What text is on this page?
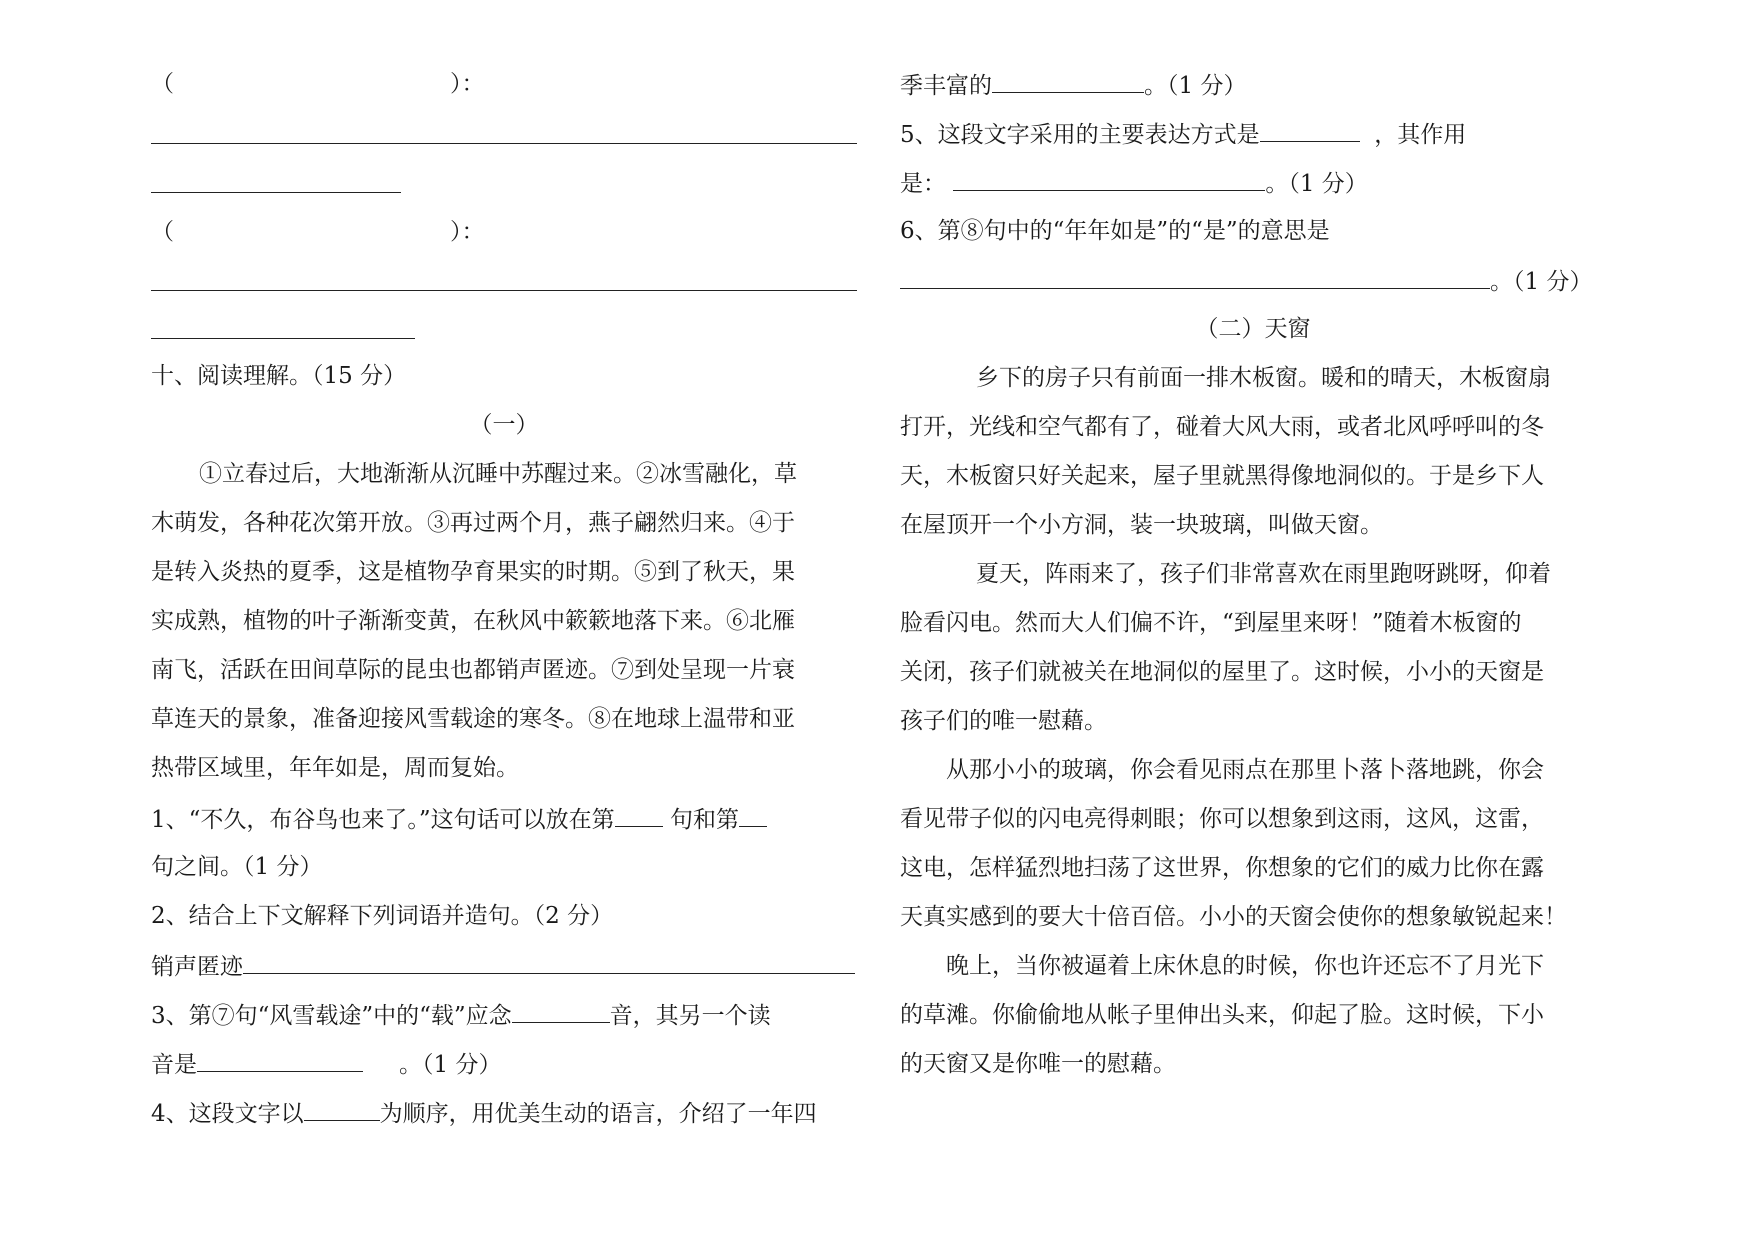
（　　　　　　　　　　　　）：
（　　　　　　　　　　　　）：
十、阅读理解。（15 分）
（一）
①立春过后，大地渐渐从沉睡中苏醒过来。②冰雪融化，草
木萌发，各种花次第开放。③再过两个月，燕子翩然归来。④于
是转入炎热的夏季，这是植物孕育果实的时期。⑤到了秋天，果
实成熟，植物的叶子渐渐变黄，在秋风中簌簌地落下来。⑥北雁
南飞，活跃在田间草际的昆虫也都销声匿迹。⑦到处呈现一片衰
草连天的景象，准备迎接风雪载途的寒冬。⑧在地球上温带和亚
热带区域里，年年如是，周而复始。
1、“不久，布谷鸟也来了。”这句话可以放在第 句和第
句之间。（1 分）
2、结合上下文解释下列词语并造句。（2 分）
销声匿迹
3、第⑦句“风雪载途”中的“载”应念	音，其另一个读
音是	。（1 分）
4、这段文字以	为顺序，用优美生动的语言，介绍了一年四
季丰富的	。（1 分）
5、这段文字采用的主要表达方式是	，其作用
是：	。（1 分）
6、第⑧句中的“年年如是”的“是”的意思是
。（1 分）
（二）天窗
乡下的房子只有前面一排木板窗。暖和的晴天，木板窗扇
打开，光线和空气都有了，碰着大风大雨，或者北风呼呼叫的冬
天，木板窗只好关起来，屋子里就黑得像地洞似的。于是乡下人
在屋顶开一个小方洞，装一块玻璃，叫做天窗。
夏天，阵雨来了，孩子们非常喜欢在雨里跑呀跳呀，仰着
脸看闪电。然而大人们偏不许，“到屋里来呀！”随着木板窗的
关闭，孩子们就被关在地洞似的屋里了。这时候，小小的天窗是
孩子们的唯一慰藉。
从那小小的玻璃，你会看见雨点在那里卜落卜落地跳，你会
看见带子似的闪电亮得刺眼；你可以想象到这雨，这风，这雷，
这电，怎样猛烈地扫荡了这世界，你想象的它们的威力比你在露
天真实感到的要大十倍百倍。小小的天窗会使你的想象敏锐起来！
晚上，当你被逼着上床休息的时候，你也许还忘不了月光下
的草滩。你偷偷地从帐子里伸出头来，仰起了脸。这时候，下小
的天窗又是你唯一的慰藉。
